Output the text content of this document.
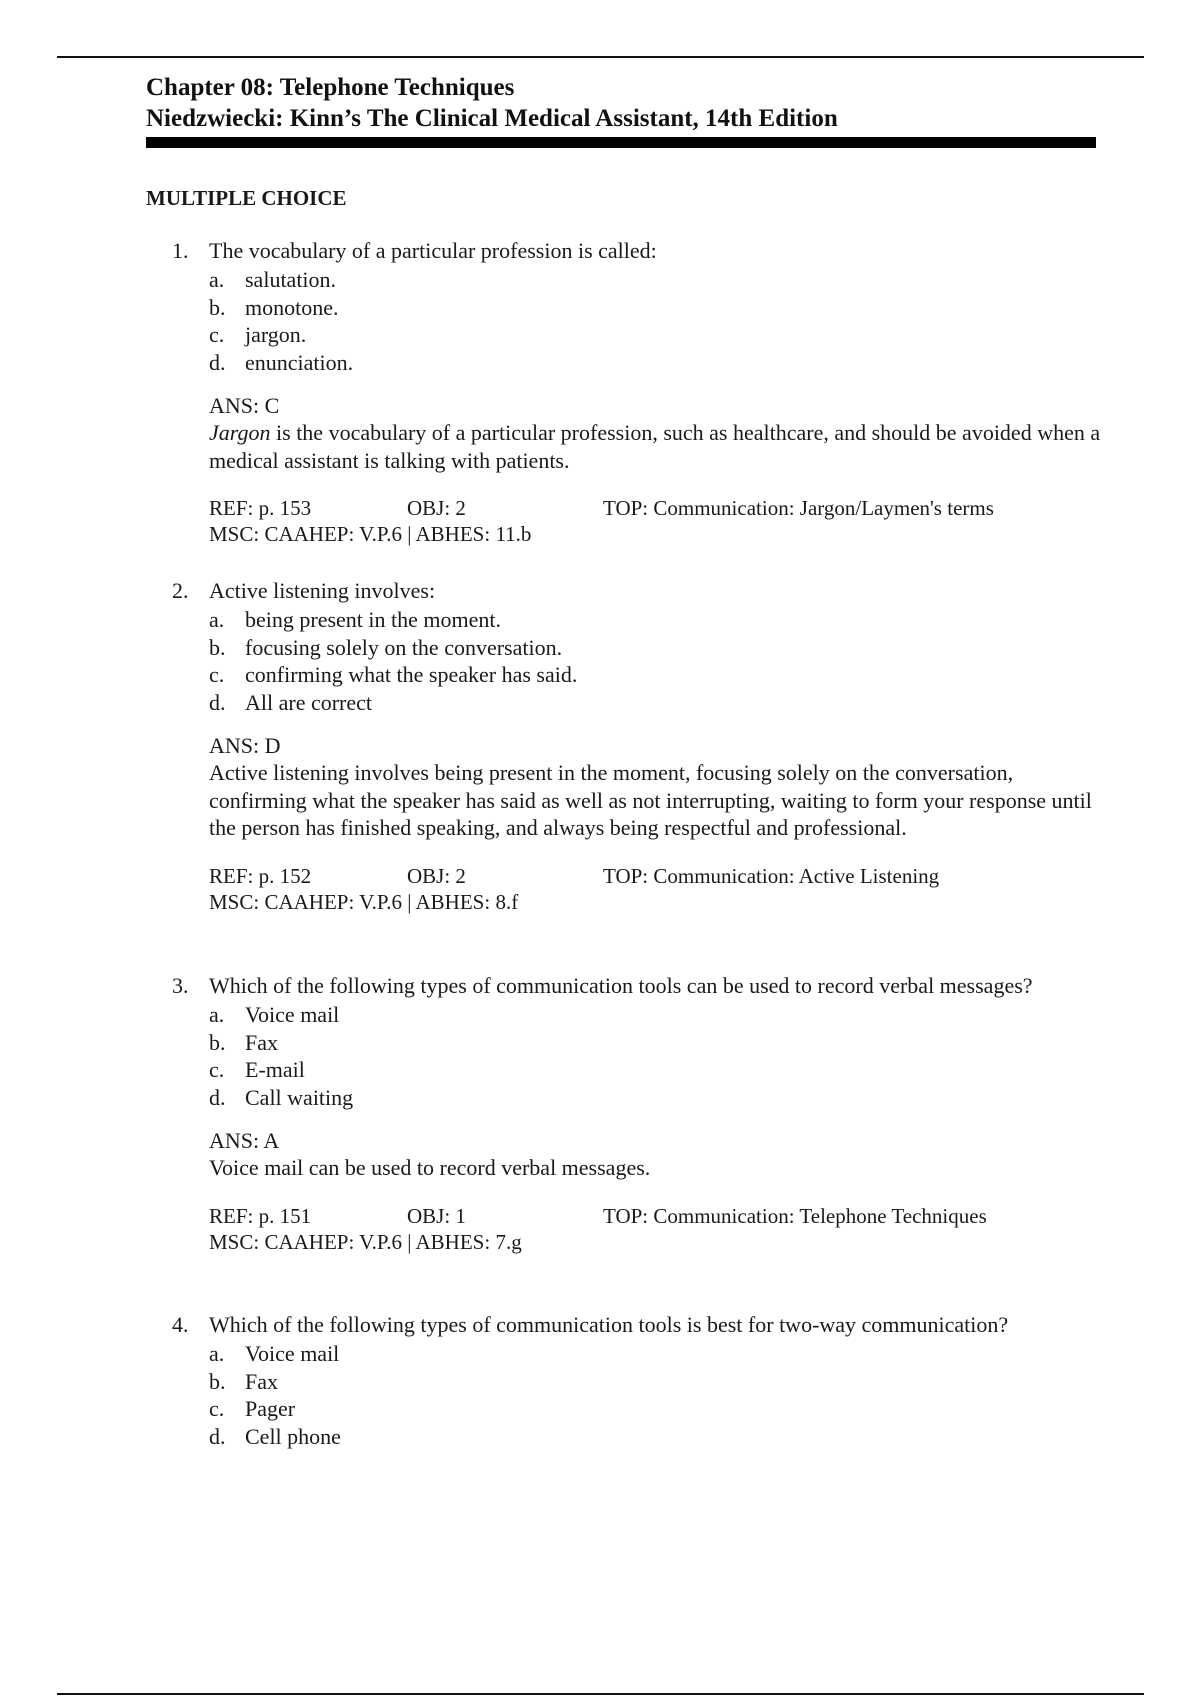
Chapter 08: Telephone Techniques
Niedzwiecki: Kinn’s The Clinical Medical Assistant, 14th Edition
MULTIPLE CHOICE
1. The vocabulary of a particular profession is called:
a. salutation.
b. monotone.
c. jargon.
d. enunciation.
ANS: C
Jargon is the vocabulary of a particular profession, such as healthcare, and should be avoided when a medical assistant is talking with patients.
REF: p. 153	OBJ: 2	TOP: Communication: Jargon/Laymen's terms
MSC: CAAHEP: V.P.6 | ABHES: 11.b
2. Active listening involves:
a. being present in the moment.
b. focusing solely on the conversation.
c. confirming what the speaker has said.
d. All are correct
ANS: D
Active listening involves being present in the moment, focusing solely on the conversation, confirming what the speaker has said as well as not interrupting, waiting to form your response until the person has finished speaking, and always being respectful and professional.
REF: p. 152	OBJ: 2	TOP: Communication: Active Listening
MSC: CAAHEP: V.P.6 | ABHES: 8.f
3. Which of the following types of communication tools can be used to record verbal messages?
a. Voice mail
b. Fax
c. E-mail
d. Call waiting
ANS: A
Voice mail can be used to record verbal messages.
REF: p. 151	OBJ: 1	TOP: Communication: Telephone Techniques
MSC: CAAHEP: V.P.6 | ABHES: 7.g
4. Which of the following types of communication tools is best for two-way communication?
a. Voice mail
b. Fax
c. Pager
d. Cell phone
